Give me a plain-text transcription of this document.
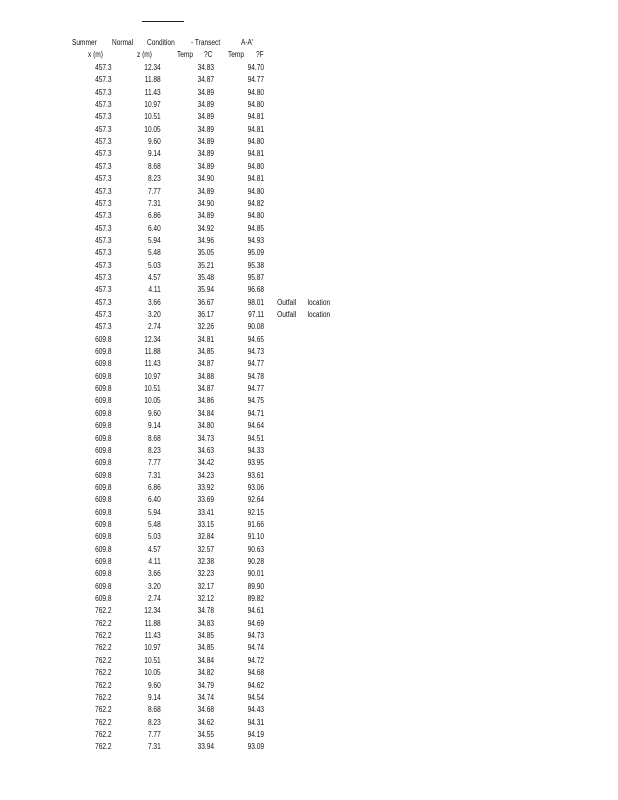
Summer Normal Condition - Transect	A-A'
x (m)	z (m)	Temp ?C Temp ?F
457.3	12.34	34.83	94.70
457.3	11.88	34.87	94.77
457.3	11.43	34.89	94.80
457.3	10.97	34.89	94.80
457.3	10.51	34.89	94.81
457.3	10.05	34.89	94.81
457.3	9.60	34.89	94.80
457.3	9.14	34.89	94.81
457.3	8.68	34.89	94.80
457.3	8.23	34.90	94.81
457.3	7.77	34.89	94.80
457.3	7.31	34.90	94.82
457.3	6.86	34.89	94.80
457.3	6.40	34.92	94.85
457.3	5.94	34.96	94.93
457.3	5.48	35.05	95.09
457.3	5.03	35.21	95.38
457.3	4.57	35.48	95.87
457.3	4.11	35.94	96.68
457.3	3.66	36.67	98.01 Outfall location
457.3	3.20	36.17	97.11 Outfall location
457.3	2.74	32.26	90.08
609.8	12.34	34.81	94.65
609.8	11.88	34.85	94.73
609.8	11.43	34.87	94.77
609.8	10.97	34.88	94.78
609.8	10.51	34.87	94.77
609.8	10.05	34.86	94.75
609.8	9.60	34.84	94.71
609.8	9.14	34.80	94.64
609.8	8.68	34.73	94.51
609.8	8.23	34.63	94.33
609.8	7.77	34.42	93.95
609.8	7.31	34.23	93.61
609.8	6.86	33.92	93.06
609.8	6.40	33.69	92.64
609.8	5.94	33.41	92.15
609.8	5.48	33.15	91.66
609.8	5.03	32.84	91.10
609.8	4.57	32.57	90.63
609.8	4.11	32.38	90.28
609.8	3.66	32.23	90.01
609.8	3.20	32.17	89.90
609.8	2.74	32.12	89.82
762.2	12.34	34.78	94.61
762.2	11.88	34.83	94.69
762.2	11.43	34.85	94.73
762.2	10.97	34.85	94.74
762.2	10.51	34.84	94.72
762.2	10.05	34.82	94.68
762.2	9.60	34.79	94.62
762.2	9.14	34.74	94.54
762.2	8.68	34.68	94.43
762.2	8.23	34.62	94.31
762.2	7.77	34.55	94.19
762.2	7.31	33.94	93.09
